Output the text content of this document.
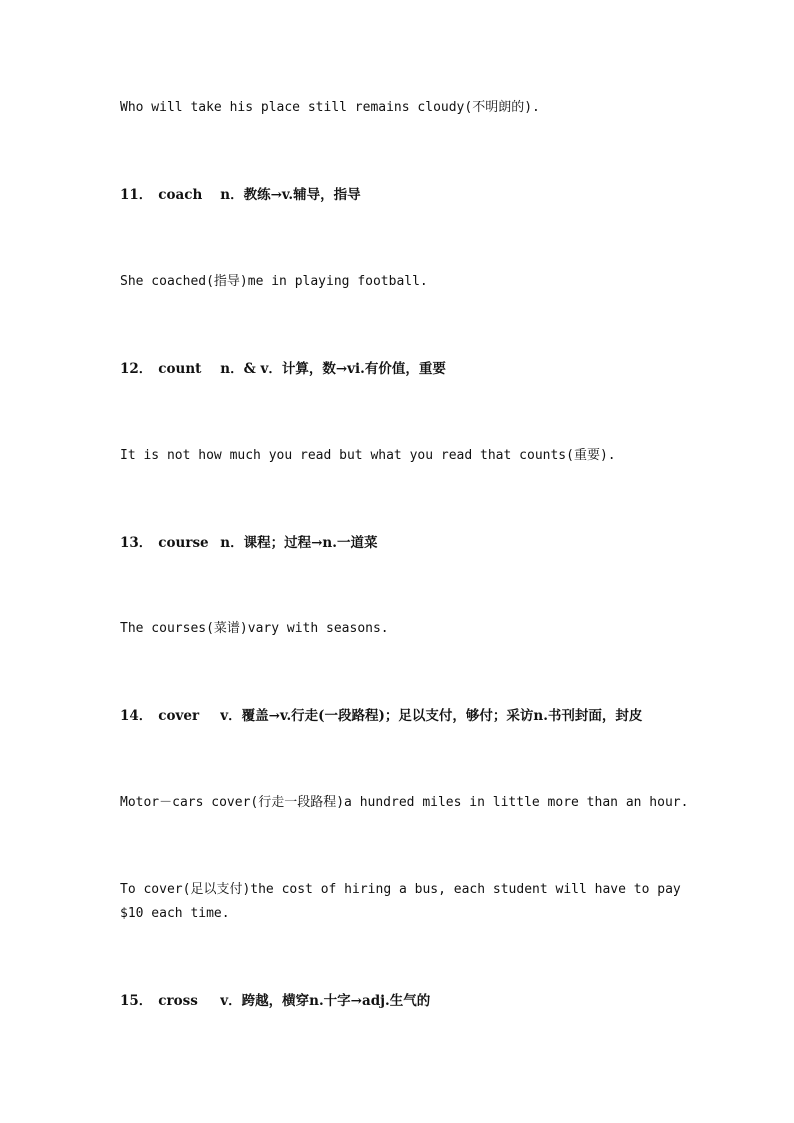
Who will take his place still remains cloudy(不明朗的).
11． coach n．教练→v.辅导，指导
She coached(指导)me in playing football.
12． count n．& v．计算，数→vi.有价值，重要
It is not how much you read but what you read that counts(重要).
13． course n．课程；过程→n.一道菜
The courses(菜谱)vary with seasons.
14． cover v．覆盖→v.行走(一段路程)；足以支付，够付；采访n.书刊封面，封皮
Motor－cars cover(行走一段路程)a hundred miles in little more than an hour.
To cover(足以支付)the cost of hiring a bus, each student will have to pay $10 each time.
15． cross v．跨越，横穿n.十字→adj.生气的
